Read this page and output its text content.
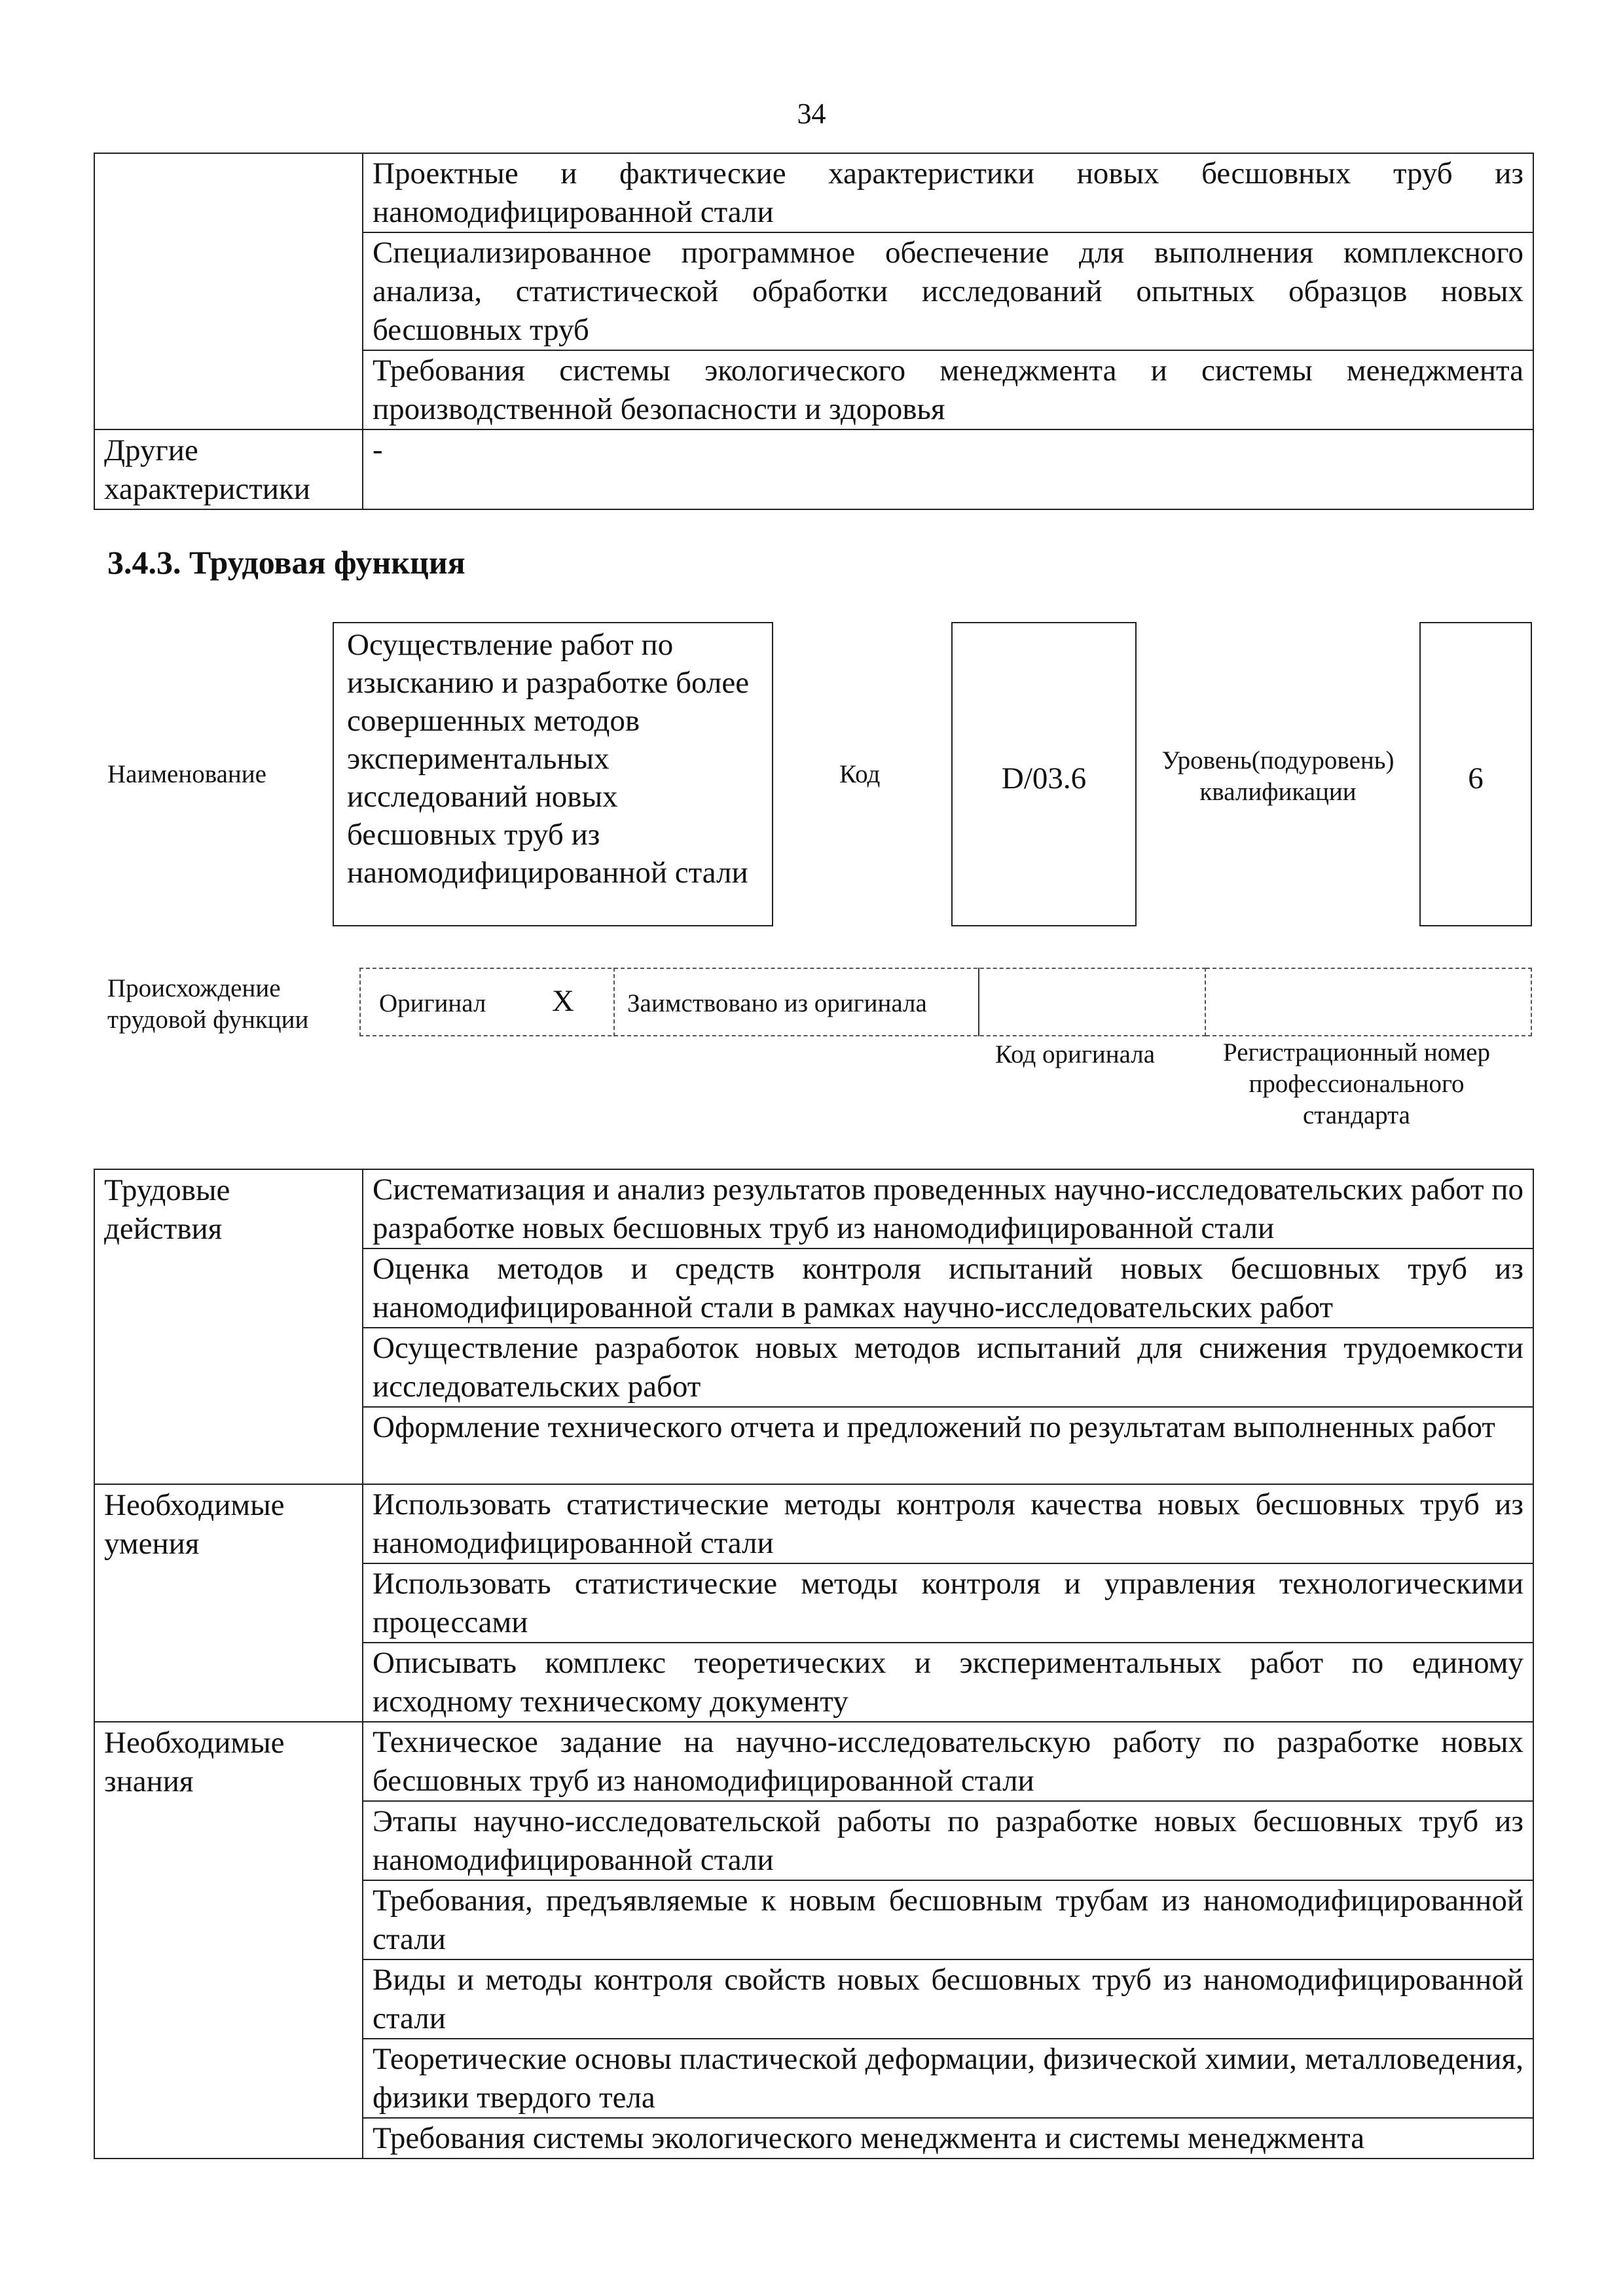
34

	Проектные и фактические характеристики новых бесшовных труб из наномодифицированной стали

	Специализированное программное обеспечение для выполнения комплексного анализа, статистической обработки исследований опытных образцов новых бесшовных труб

	Требования системы экологического менеджмента и системы менеджмента производственной безопасности и здоровья

Другие характеристики	-
3.4.3. Трудовая функция
Наименование
Осуществление работ по изысканию и разработке более совершенных методов экспериментальных исследований новых бесшовных труб из наномодифицированной стали
Код	D/03.6
Уровень(подуровень) квалификации	6
Происхождение трудовой функции
Оригинал X Заимствовано из оригинала
Код оригинала	Регистрационный номер профессионального стандарта
Трудовые действия	Систематизация и анализ результатов проведенных научно-исследовательских работ по разработке новых бесшовных труб из наномодифицированной стали

	Оценка методов и средств контроля испытаний новых бесшовных труб из наномодифицированной стали в рамках научно-исследовательских работ

	Осуществление разработок новых методов испытаний для снижения трудоемкости исследовательских работ

	Оформление технического отчета и предложений по результатам выполненных работ

Необходимые умения	Использовать статистические методы контроля качества новых бесшовных труб из наномодифицированной стали

	Использовать статистические методы контроля и управления технологическими процессами

	Описывать комплекс теоретических и экспериментальных работ по единому исходному техническому документу

Необходимые знания	Техническое задание на научно-исследовательскую работу по разработке новых бесшовных труб из наномодифицированной стали

	Этапы научно-исследовательской работы по разработке новых бесшовных труб из наномодифицированной стали

	Требования, предъявляемые к новым бесшовным трубам из наномодифицированной стали

	Виды и методы контроля свойств новых бесшовных труб из наномодифицированной стали

	Теоретические основы пластической деформации, физической химии, металловедения, физики твердого тела

	Требования системы экологического менеджмента и системы менеджмента
